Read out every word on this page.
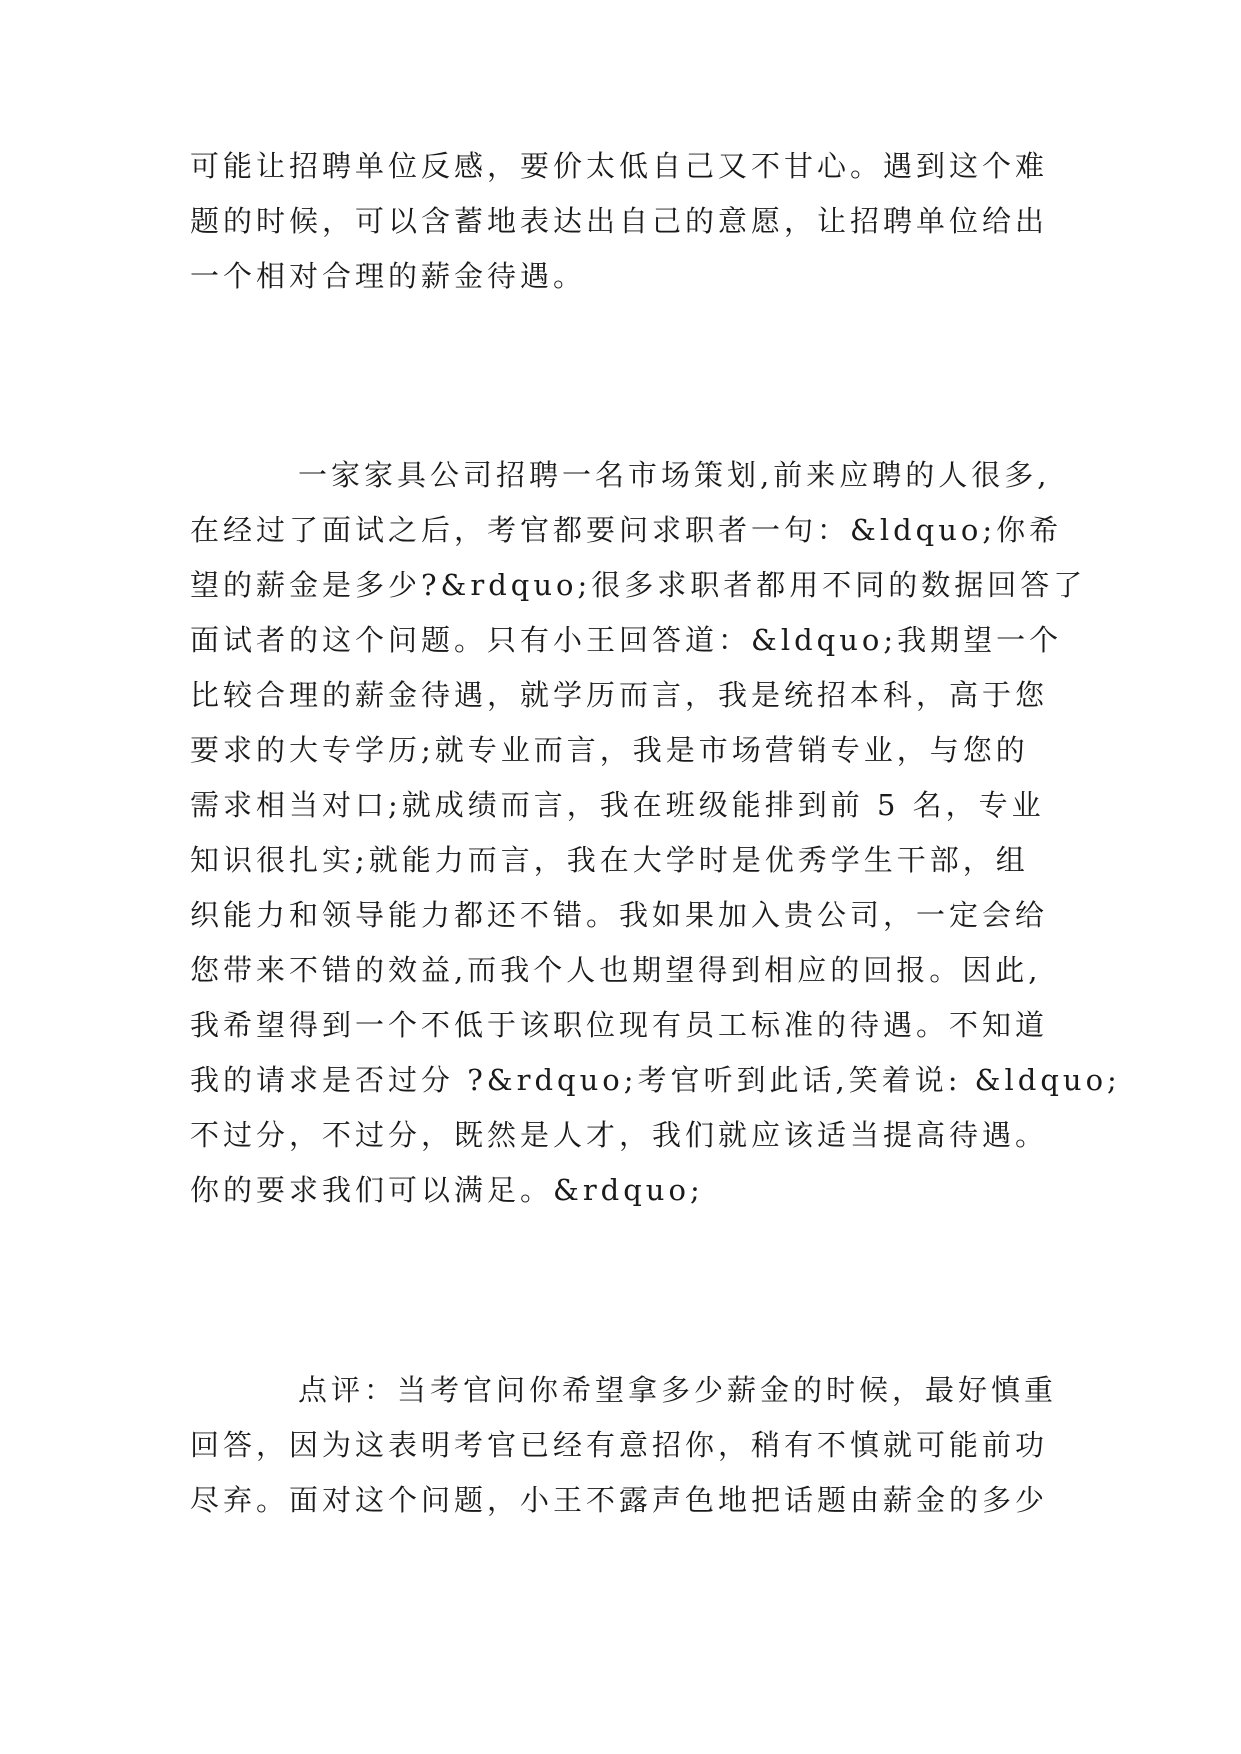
可能让招聘单位反感，要价太低自己又不甘心。遇到这个难
题的时候，可以含蓄地表达出自己的意愿，让招聘单位给出
一个相对合理的薪金待遇。
一家家具公司招聘一名市场策划,前来应聘的人很多,
在经过了面试之后，考官都要问求职者一句：&ldquo;你希
望的薪金是多少?&rdquo;很多求职者都用不同的数据回答了
面试者的这个问题。只有小王回答道：&ldquo;我期望一个
比较合理的薪金待遇，就学历而言，我是统招本科，高于您
要求的大专学历;就专业而言，我是市场营销专业，与您的
需求相当对口;就成绩而言，我在班级能排到前 5 名，专业
知识很扎实;就能力而言，我在大学时是优秀学生干部，组
织能力和领导能力都还不错。我如果加入贵公司，一定会给
您带来不错的效益,而我个人也期望得到相应的回报。因此,
我希望得到一个不低于该职位现有员工标准的待遇。不知道
我的请求是否过分 ?&rdquo;考官听到此话,笑着说: &ldquo;
不过分，不过分，既然是人才，我们就应该适当提高待遇。
你的要求我们可以满足。&rdquo;
点评：当考官问你希望拿多少薪金的时候，最好慎重
回答，因为这表明考官已经有意招你，稍有不慎就可能前功
尽弃。面对这个问题，小王不露声色地把话题由薪金的多少
